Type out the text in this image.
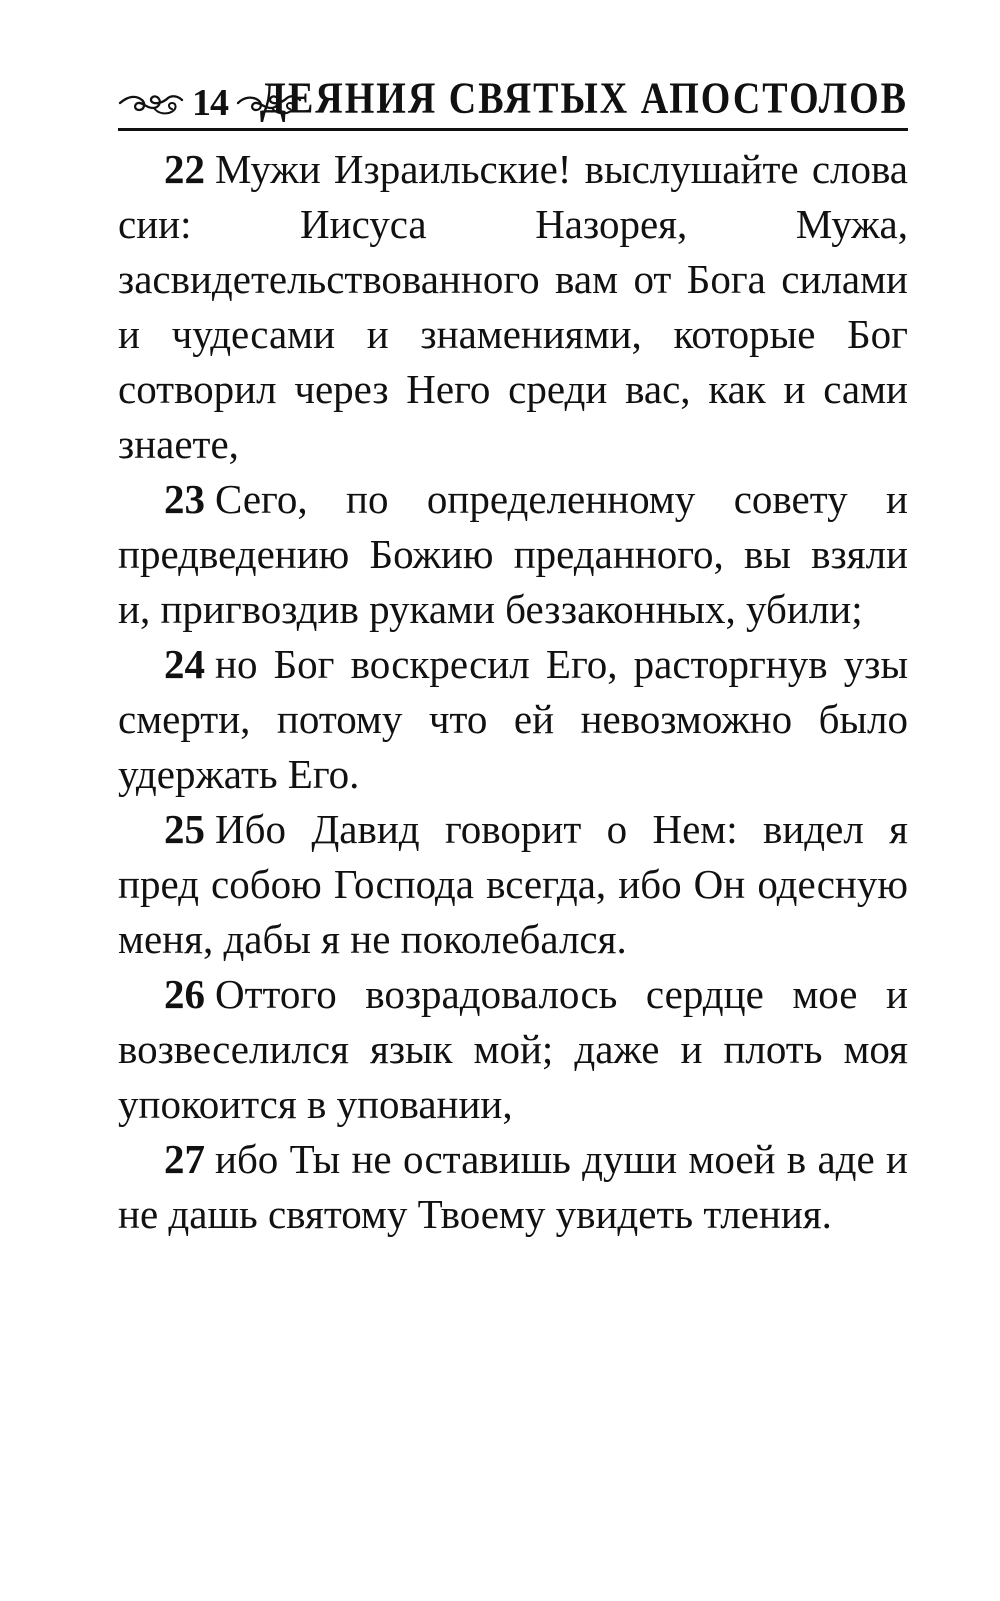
14 ДЕЯНИЯ СВЯТЫХ АПОСТОЛОВ

22 Мужи Израильские! выслушайте слова сии: Иисуса Назорея, Мужа, засвидетельствованного вам от Бога силами и чудесами и знамениями, которые Бог сотворил через Него среди вас, как и сами знаете,

23 Сего, по определенному совету и предведению Божию преданного, вы взяли и, пригвоздив руками беззаконных, убили;

24 но Бог воскресил Его, расторгнув узы смерти, потому что ей невозможно было удержать Его.

25 Ибо Давид говорит о Нем: видел я пред собою Господа всегда, ибо Он одесную меня, дабы я не поколебался.

26 Оттого возрадовалось сердце мое и возвеселился язык мой; даже и плоть моя упокоится в уповании,

27 ибо Ты не оставишь души моей в аде и не дашь святому Твоему увидеть тления.
